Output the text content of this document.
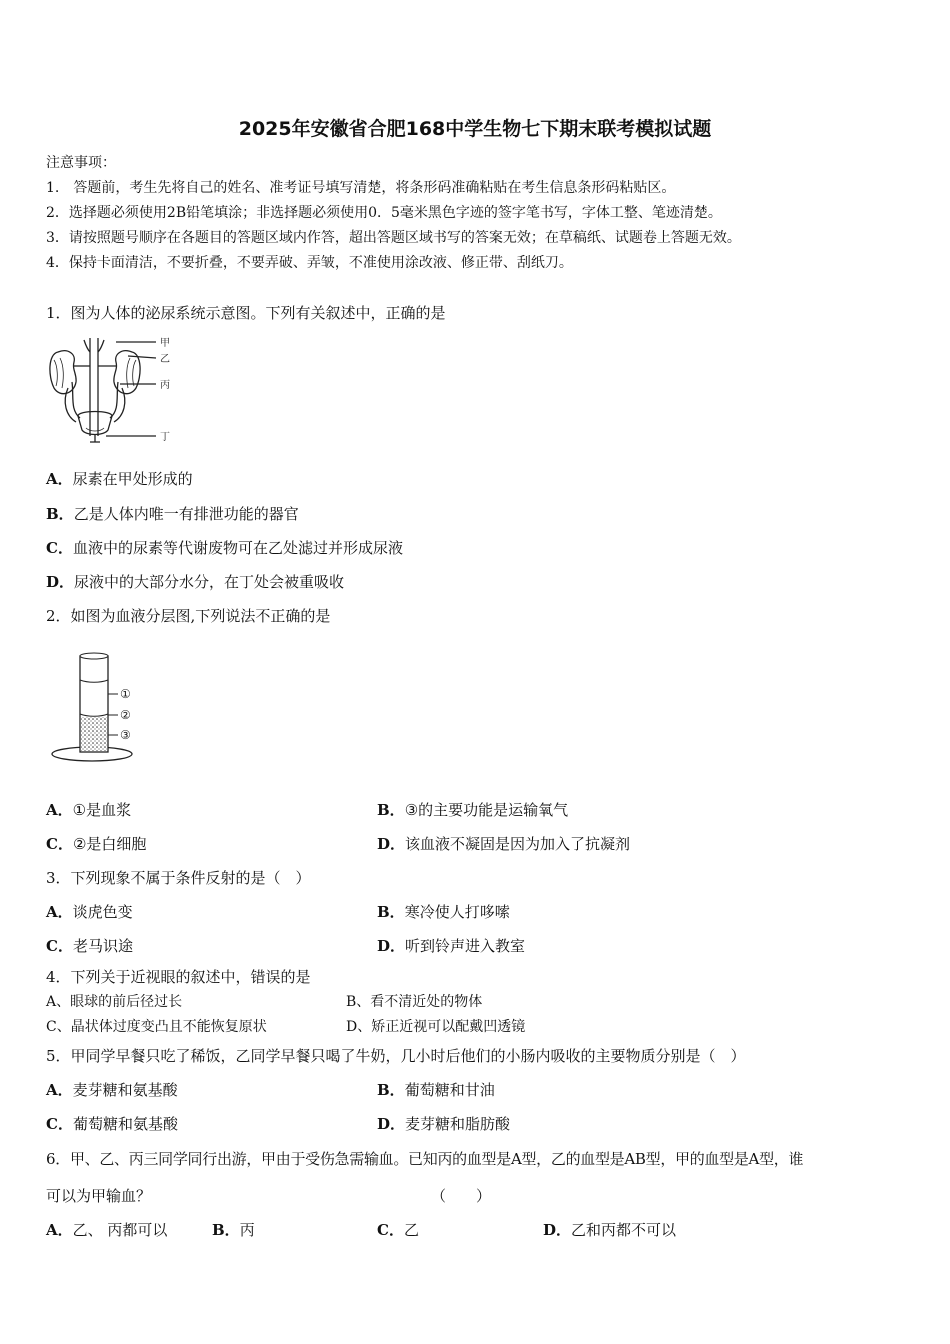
2025年安徽省合肥168中学生物七下期末联考模拟试题
注意事项：
1.　答题前，考生先将自己的姓名、准考证号填写清楚，将条形码准确粘贴在考生信息条形码粘贴区。
2．选择题必须使用2B铅笔填涂；非选择题必须使用0．5毫米黑色字迹的签字笔书写，字体工整、笔迹清楚。
3．请按照题号顺序在各题目的答题区域内作答，超出答题区域书写的答案无效；在草稿纸、试题卷上答题无效。
4．保持卡面清洁，不要折叠，不要弄破、弄皱，不准使用涂改液、修正带、刮纸刀。
1．图为人体的泌尿系统示意图。下列有关叙述中，正确的是
甲
乙
丙
丁
A．尿素在甲处形成的
B．乙是人体内唯一有排泄功能的器官
C．血液中的尿素等代谢废物可在乙处滤过并形成尿液
D．尿液中的大部分水分，在丁处会被重吸收
2．如图为血液分层图,下列说法不正确的是
①
②
③
A．①是血浆	B．③的主要功能是运输氧气
C．②是白细胞	D．该血液不凝固是因为加入了抗凝剂
3．下列现象不属于条件反射的是（　）
A．谈虎色变	B．寒冷使人打哆嗦
C．老马识途	D．听到铃声进入教室
4．下列关于近视眼的叙述中，错误的是
A、眼球的前后径过长	B、看不清近处的物体
C、晶状体过度变凸且不能恢复原状	D、矫正近视可以配戴凹透镜
5．甲同学早餐只吃了稀饭，乙同学早餐只喝了牛奶，几小时后他们的小肠内吸收的主要物质分别是（　）
A．麦芽糖和氨基酸	B．葡萄糖和甘油
C．葡萄糖和氨基酸	D．麦芽糖和脂肪酸
6．甲、乙、丙三同学同行出游，甲由于受伤急需输血。已知丙的血型是A型，乙的血型是AB型，甲的血型是A型，谁
可以为甲输血？	（　　）
A．乙、 丙都可以	B．丙	C．乙	D．乙和丙都不可以
